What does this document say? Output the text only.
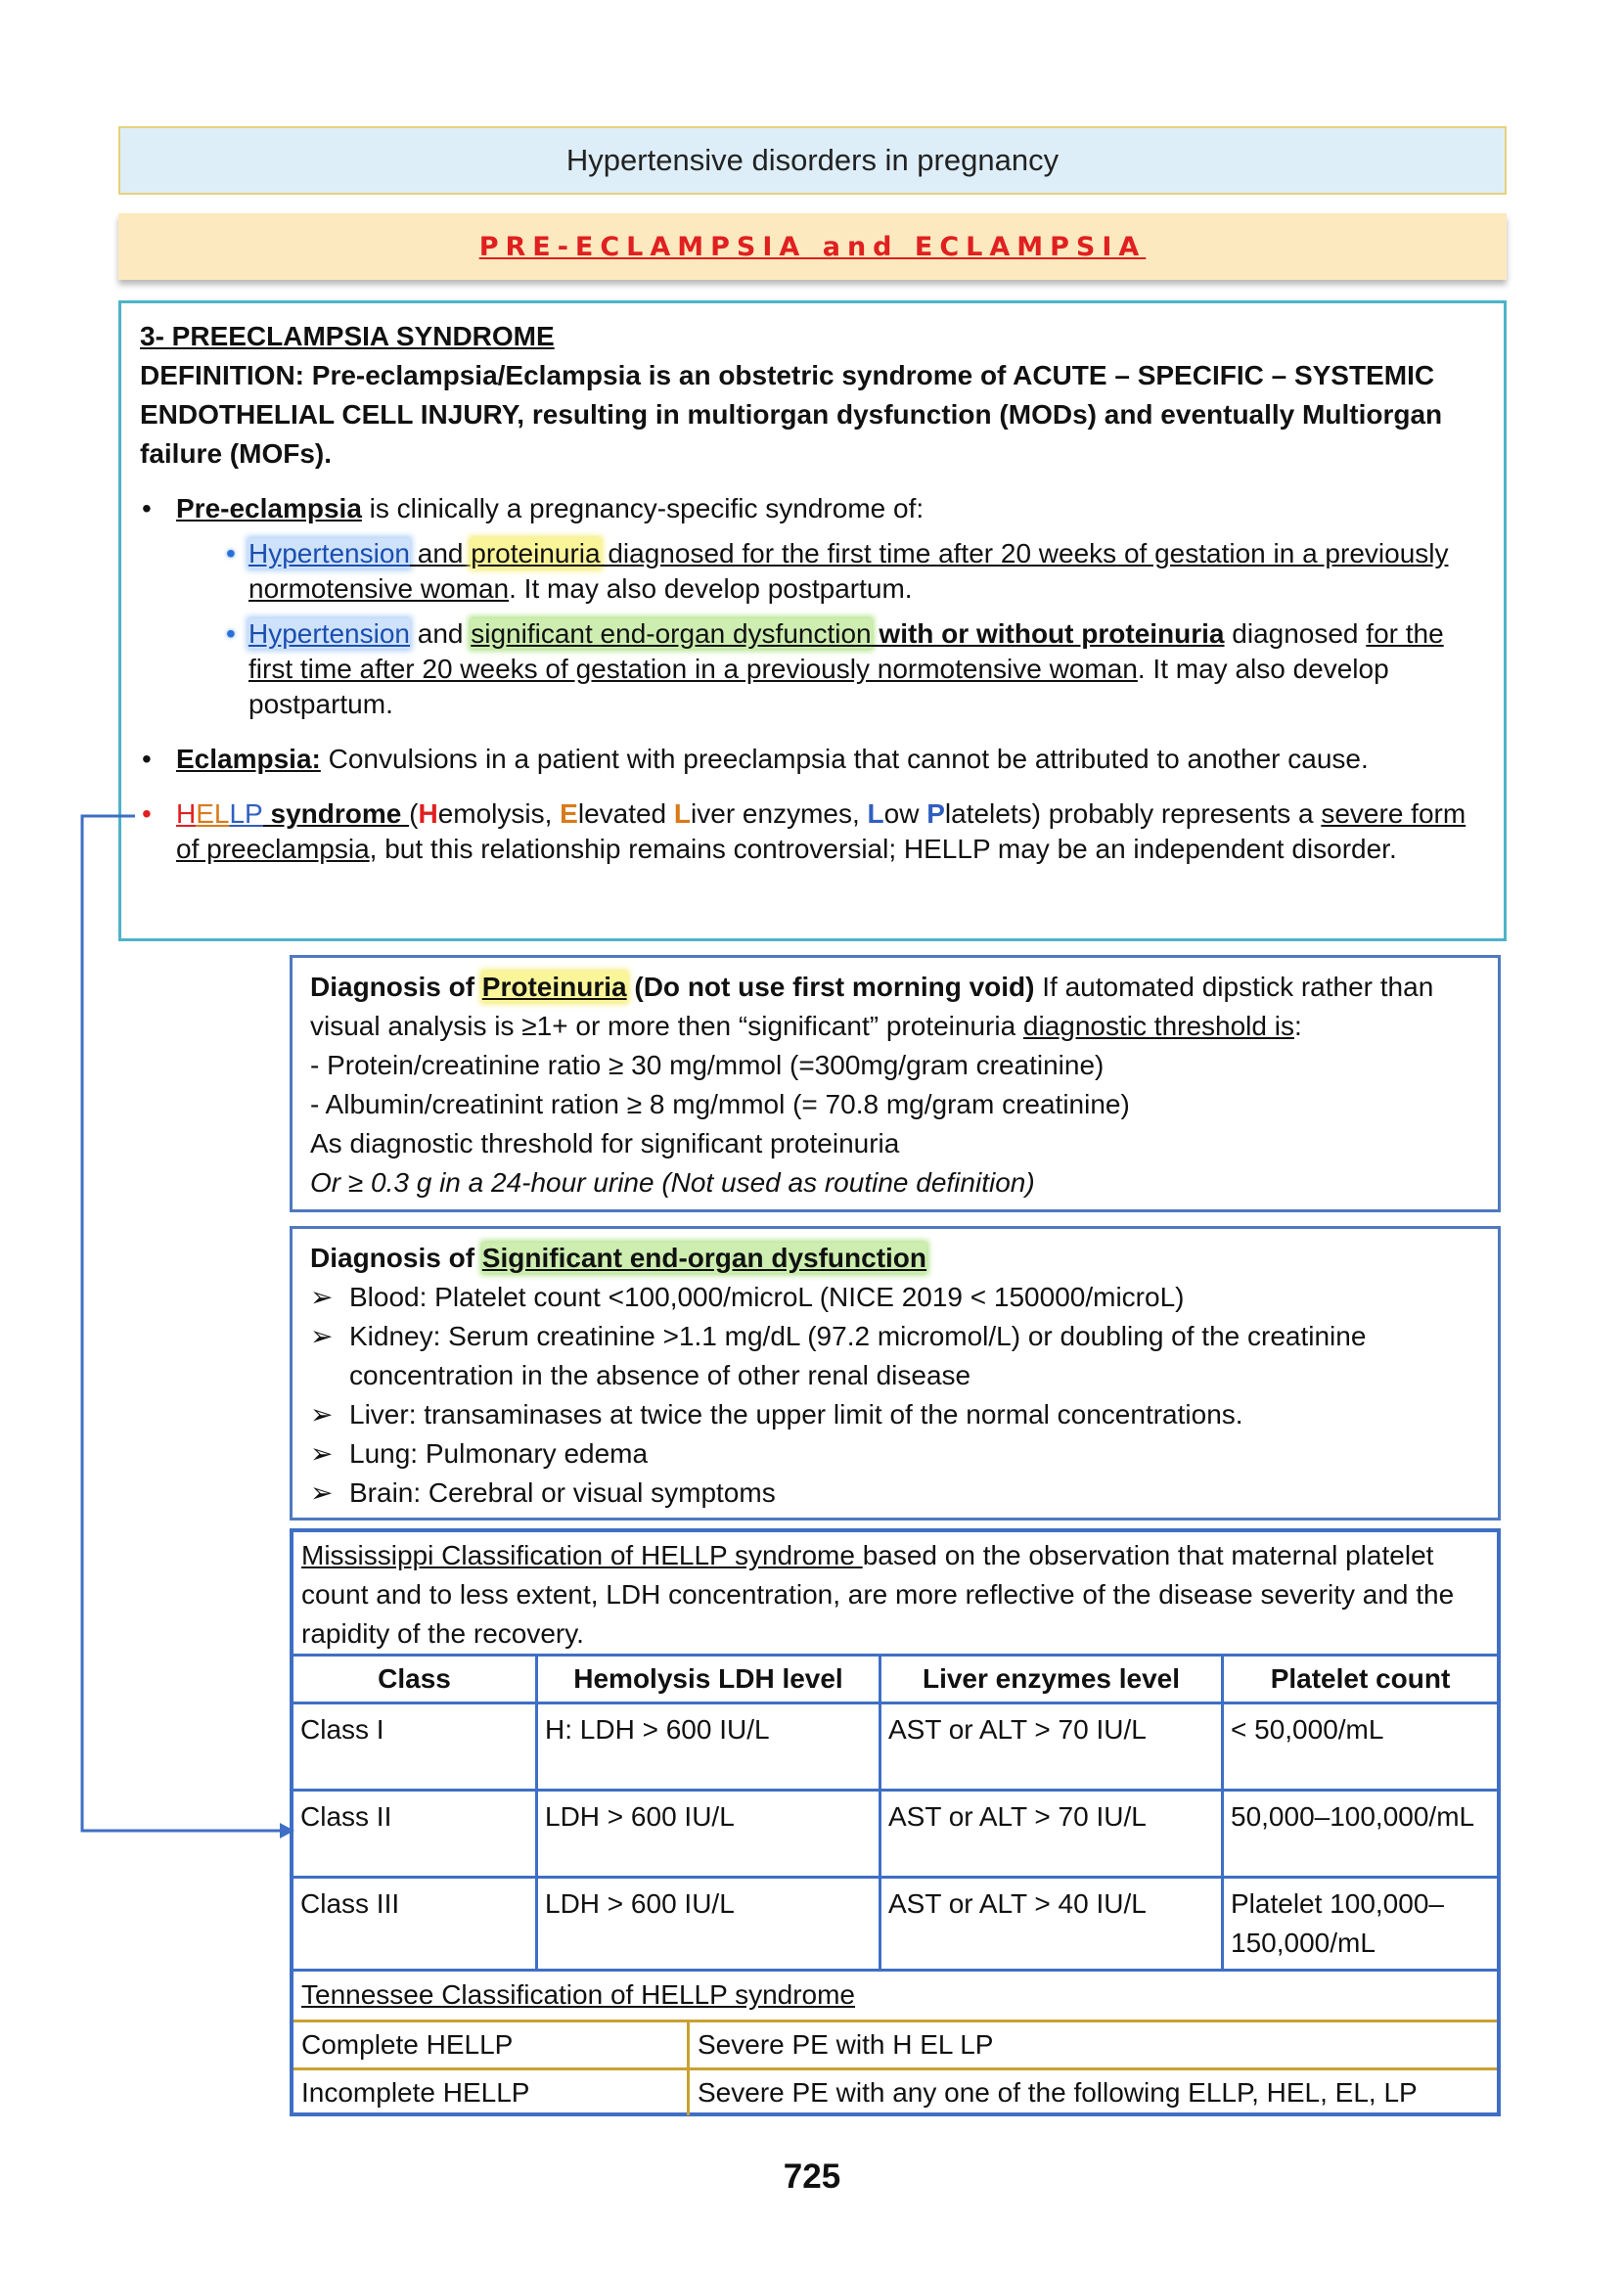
Hypertensive disorders in pregnancy
PRE-ECLAMPSIA and ECLAMPSIA

3- PREECLAMPSIA SYNDROME

DEFINITION: Pre-eclampsia/Eclampsia is an obstetric syndrome of ACUTE – SPECIFIC – SYSTEMIC ENDOTHELIAL CELL INJURY, resulting in multiorgan dysfunction (MODs) and eventually Multiorgan failure (MOFs).

• Pre-eclampsia is clinically a pregnancy-specific syndrome of:
• Hypertension and proteinuria diagnosed for the first time after 20 weeks of gestation in a previously normotensive woman. It may also develop postpartum.
• Hypertension and significant end-organ dysfunction with or without proteinuria diagnosed for the first time after 20 weeks of gestation in a previously normotensive woman. It may also develop postpartum.
• Eclampsia: Convulsions in a patient with preeclampsia that cannot be attributed to another cause.
• HELLP syndrome (Hemolysis, Elevated Liver enzymes, Low Platelets) probably represents a severe form of preeclampsia, but this relationship remains controversial; HELLP may be an independent disorder.
Diagnosis of Proteinuria (Do not use first morning void) If automated dipstick rather than visual analysis is ≥1+ or more then “significant” proteinuria diagnostic threshold is:
- Protein/creatinine ratio ≥ 30 mg/mmol (=300mg/gram creatinine)
- Albumin/creatinint ration ≥ 8 mg/mmol (= 70.8 mg/gram creatinine)
As diagnostic threshold for significant proteinuria
Or ≥ 0.3 g in a 24-hour urine (Not used as routine definition)
Diagnosis of Significant end-organ dysfunction
➢ Blood: Platelet count <100,000/microL (NICE 2019 < 150000/microL)
➢ Kidney: Serum creatinine >1.1 mg/dL (97.2 micromol/L) or doubling of the creatinine concentration in the absence of other renal disease
➢ Liver: transaminases at twice the upper limit of the normal concentrations.
➢ Lung: Pulmonary edema
➢ Brain: Cerebral or visual symptoms
Mississippi Classification of HELLP syndrome based on the observation that maternal platelet count and to less extent, LDH concentration, are more reflective of the disease severity and the rapidity of the recovery.
Class	Hemolysis LDH level	Liver enzymes level	Platelet count
Class I	H: LDH > 600 IU/L	AST or ALT > 70 IU/L	< 50,000/mL
Class II	LDH > 600 IU/L	AST or ALT > 70 IU/L	50,000–100,000/mL
Class III	LDH > 600 IU/L	AST or ALT > 40 IU/L	Platelet 100,000–150,000/mL
Tennessee Classification of HELLP syndrome
Complete HELLP	Severe PE with H EL LP
Incomplete HELLP	Severe PE with any one of the following ELLP, HEL, EL, LP
725
